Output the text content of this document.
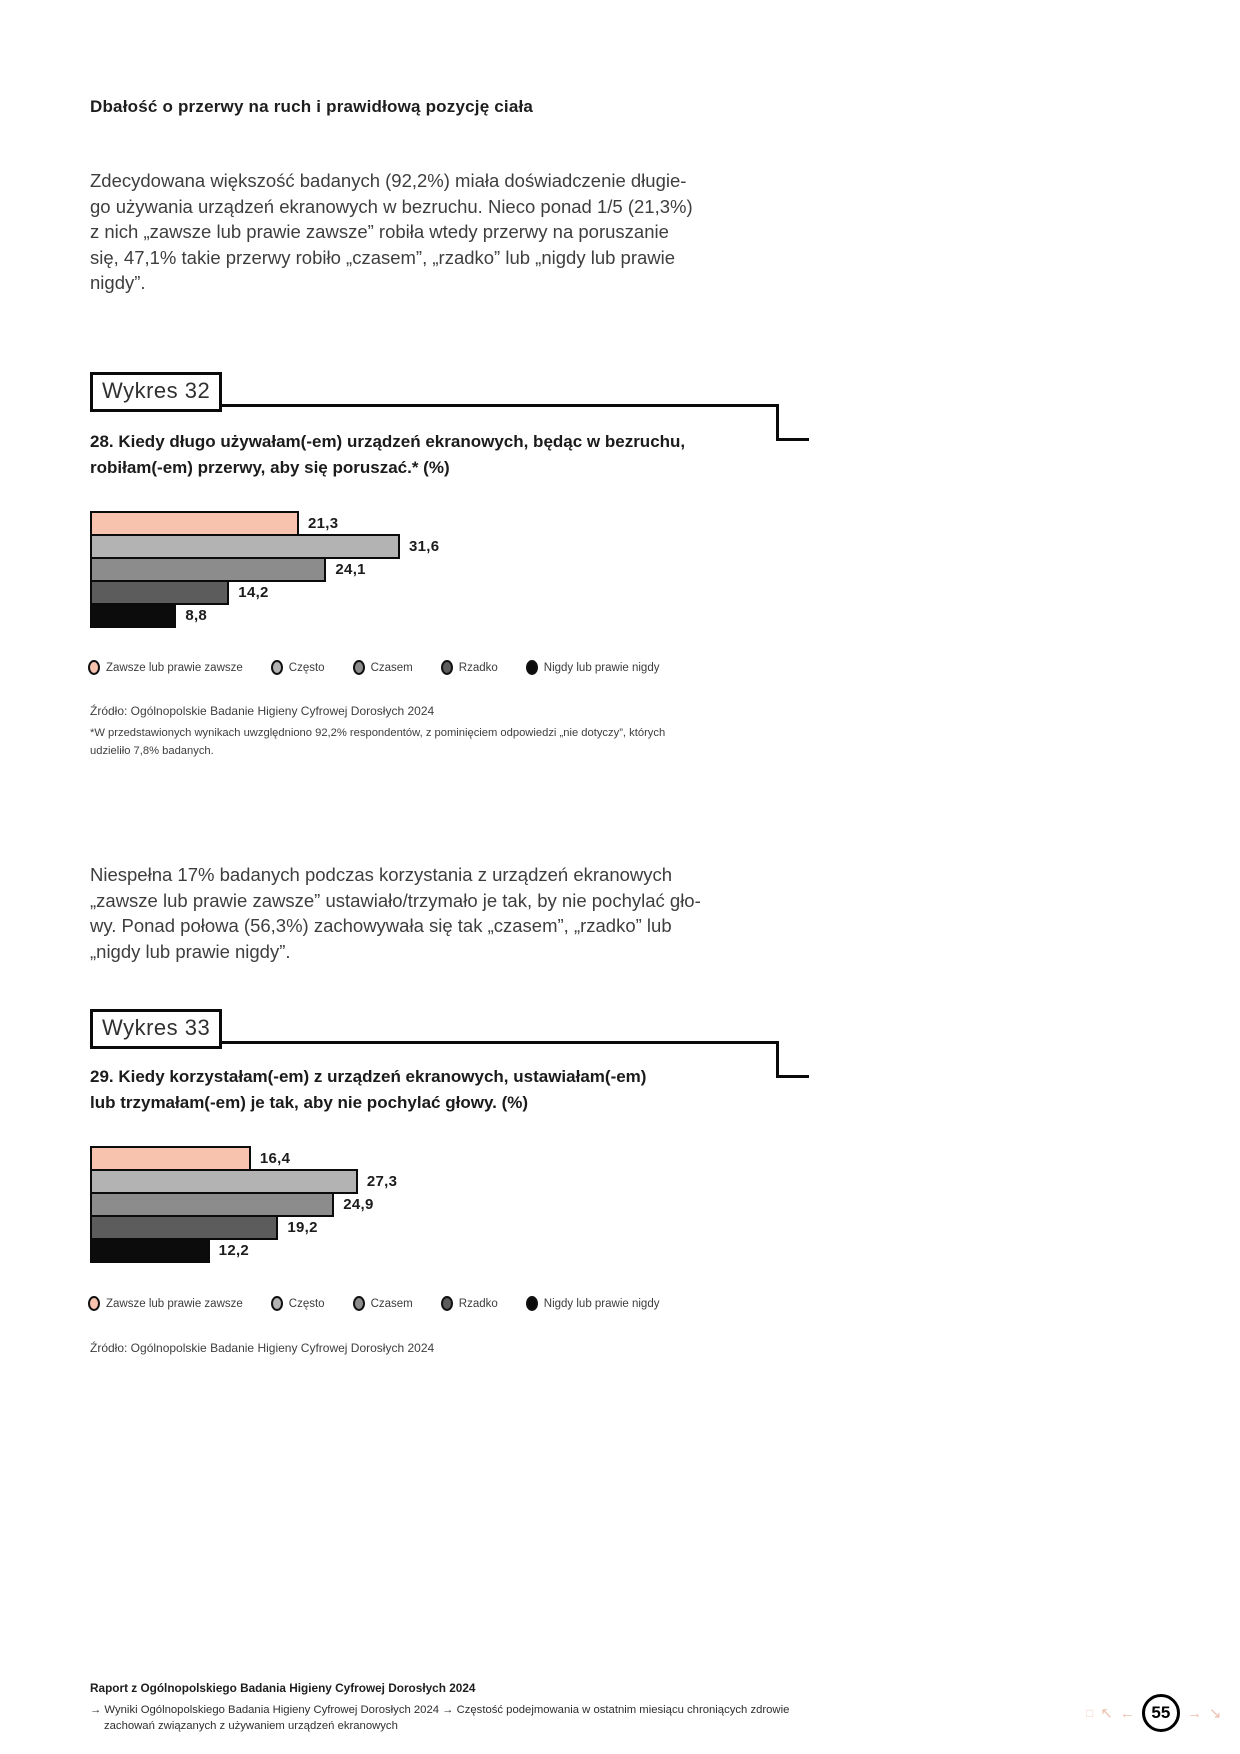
Dbałość o przerwy na ruch i prawidłową pozycję ciała
Zdecydowana większość badanych (92,2%) miała doświadczenie długie-
go używania urządzeń ekranowych w bezruchu. Nieco ponad 1/5 (21,3%)
z nich „zawsze lub prawie zawsze” robiła wtedy przerwy na poruszanie
się, 47,1% takie przerwy robiło „czasem”, „rzadko” lub „nigdy lub prawie
nigdy”.
Wykres 32
28. Kiedy długo używałam(-em) urządzeń ekranowych, będąc w bezruchu,
robiłam(-em) przerwy, aby się poruszać.* (%)
21,3
31,6
24,1
14,2
8,8
Zawsze lub prawie zawsze	Często	Czasem	Rzadko	Nigdy lub prawie nigdy
Źródło: Ogólnopolskie Badanie Higieny Cyfrowej Dorosłych 2024
*W przedstawionych wynikach uwzględniono 92,2% respondentów, z pominięciem odpowiedzi „nie dotyczy”, których
udzieliło 7,8% badanych.
Niespełna 17% badanych podczas korzystania z urządzeń ekranowych
„zawsze lub prawie zawsze” ustawiało/trzymało je tak, by nie pochylać gło-
wy. Ponad połowa (56,3%) zachowywała się tak „czasem”, „rzadko” lub
„nigdy lub prawie nigdy”.
Wykres 33
29. Kiedy korzystałam(-em) z urządzeń ekranowych, ustawiałam(-em)
lub trzymałam(-em) je tak, aby nie pochylać głowy. (%)
16,4
27,3
24,9
19,2
12,2
Zawsze lub prawie zawsze	Często	Czasem	Rzadko	Nigdy lub prawie nigdy
Źródło: Ogólnopolskie Badanie Higieny Cyfrowej Dorosłych 2024
Raport z Ogólnopolskiego Badania Higieny Cyfrowej Dorosłych 2024
→ Wyniki Ogólnopolskiego Badania Higieny Cyfrowej Dorosłych 2024 → Częstość podejmowania w ostatnim miesiącu chroniących zdrowie
zachowań związanych z używaniem urządzeń ekranowych
□ ↖ ← 55	→ ↘
